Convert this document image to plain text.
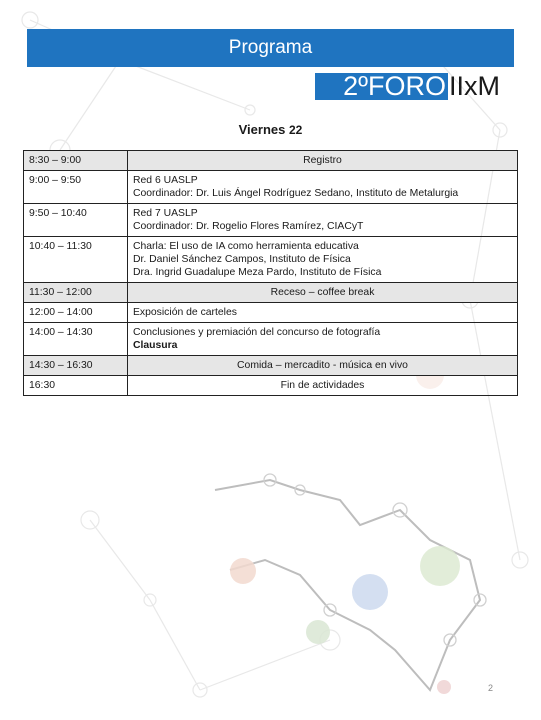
Programa
2ºFORO IIxM
Viernes 22
8:30 – 9:00	Registro

9:00 – 9:50	Red 6 UASLP
Coordinador: Dr. Luis Ángel Rodríguez Sedano, Instituto de Metalurgia

9:50 – 10:40	Red 7 UASLP
Coordinador: Dr. Rogelio Flores Ramírez, CIACyT

10:40 – 11:30	Charla: El uso de IA como herramienta educativa
Dr. Daniel Sánchez Campos, Instituto de Física
Dra. Ingrid Guadalupe Meza Pardo, Instituto de Física

11:30 – 12:00	Receso – coffee break

12:00 – 14:00	Exposición de carteles

14:00 – 14:30	Conclusiones y premiación del concurso de fotografía
Clausura

14:30 – 16:30	Comida – mercadito - música en vivo

16:30	Fin de actividades
2
